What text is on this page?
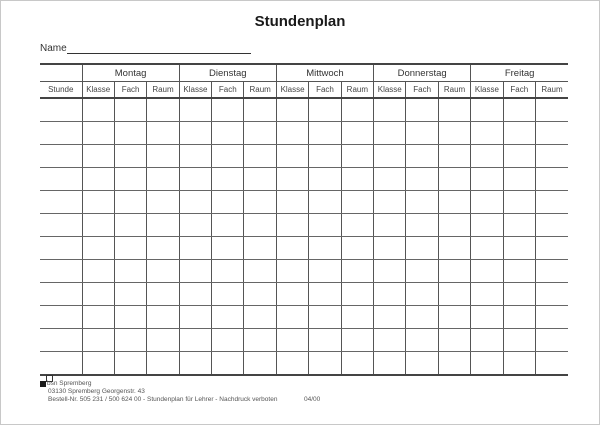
Stundenplan
Name
	Montag			Dienstag			Mittwoch			Donnerstag			Freitag		
Stunde	Klasse	Fach	Raum	Klasse	Fach	Raum	Klasse	Fach	Raum	Klasse	Fach	Raum	Klasse	Fach	Raum

bsn Spremberg
03130 Spremberg Georgenstr. 43
Bestell-Nr. 505 231 / 500 624 00 - Stundenplan für Lehrer - Nachdruck verboten	04/00
